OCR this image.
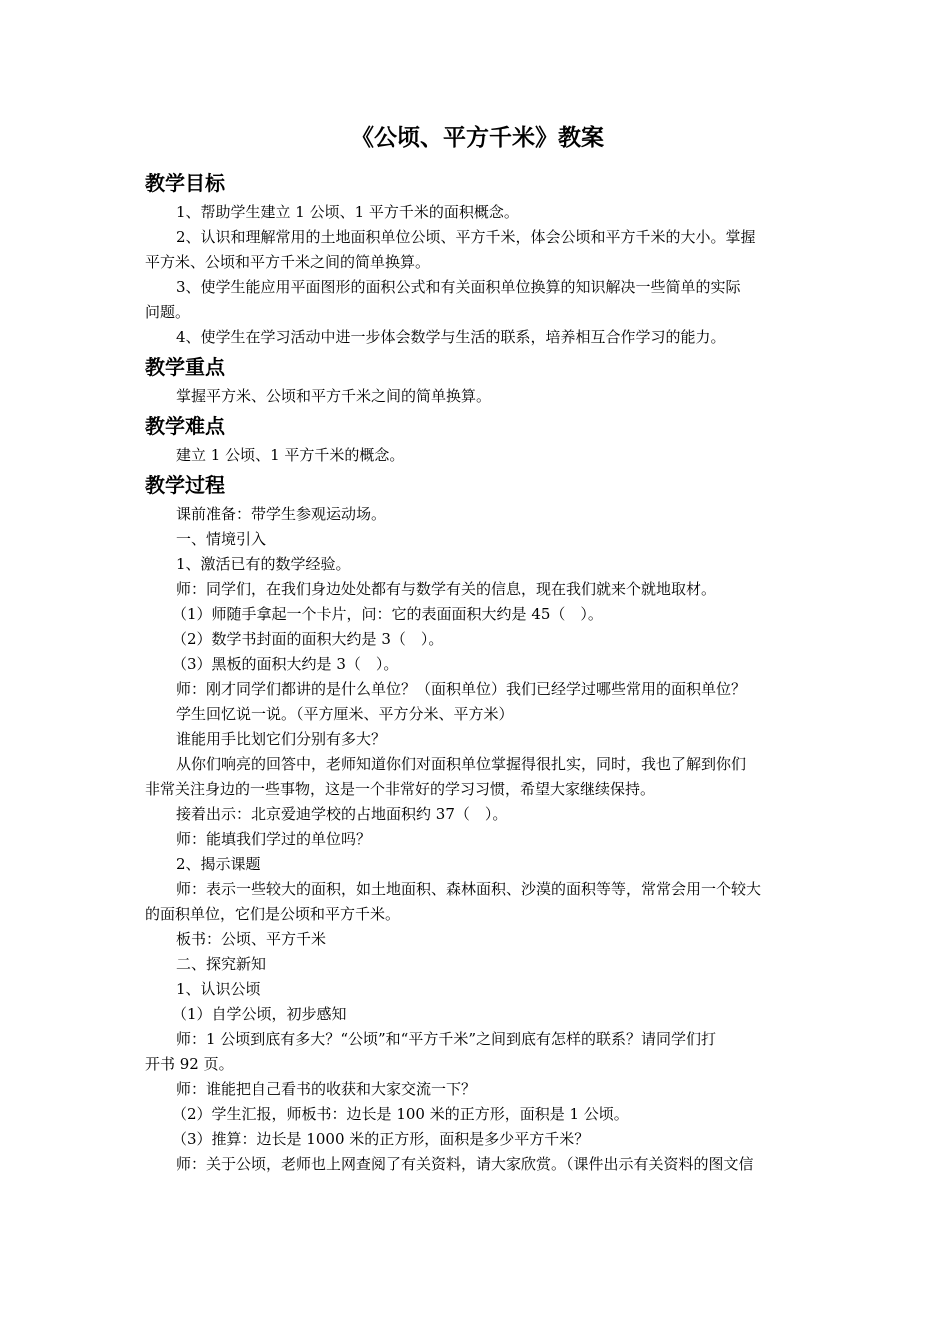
《公顷、平方千米》教案
教学目标

1、帮助学生建立 1 公顷、1 平方千米的面积概念。

2、认识和理解常用的土地面积单位公顷、平方千米，体会公顷和平方千米的大小。掌握

平方米、公顷和平方千米之间的简单换算。

3、使学生能应用平面图形的面积公式和有关面积单位换算的知识解决一些简单的实际

问题。

4、使学生在学习活动中进一步体会数学与生活的联系，培养相互合作学习的能力。

教学重点

掌握平方米、公顷和平方千米之间的简单换算。

教学难点

建立 1 公顷、1 平方千米的概念。

教学过程

课前准备：带学生参观运动场。

一、情境引入

1、激活已有的数学经验。

师：同学们，在我们身边处处都有与数学有关的信息，现在我们就来个就地取材。

（1）师随手拿起一个卡片，问：它的表面面积大约是 45（　）。

（2）数学书封面的面积大约是 3（　）。

（3）黑板的面积大约是 3（　）。

师：刚才同学们都讲的是什么单位？（面积单位）我们已经学过哪些常用的面积单位？

学生回忆说一说。（平方厘米、平方分米、平方米）

谁能用手比划它们分别有多大？

从你们响亮的回答中，老师知道你们对面积单位掌握得很扎实，同时，我也了解到你们

非常关注身边的一些事物，这是一个非常好的学习习惯，希望大家继续保持。

接着出示：北京爱迪学校的占地面积约 37（　）。

师：能填我们学过的单位吗？

2、揭示课题

师：表示一些较大的面积，如土地面积、森林面积、沙漠的面积等等，常常会用一个较大

的面积单位，它们是公顷和平方千米。

板书：公顷、平方千米

二、探究新知

1、认识公顷

（1）自学公顷，初步感知

师：1 公顷到底有多大？“公顷”和“平方千米”之间到底有怎样的联系？请同学们打

开书 92 页。

师：谁能把自己看书的收获和大家交流一下？

（2）学生汇报，师板书：边长是 100 米的正方形，面积是 1 公顷。

（3）推算：边长是 1000 米的正方形，面积是多少平方千米？

师：关于公顷，老师也上网查阅了有关资料，请大家欣赏。（课件出示有关资料的图文信
